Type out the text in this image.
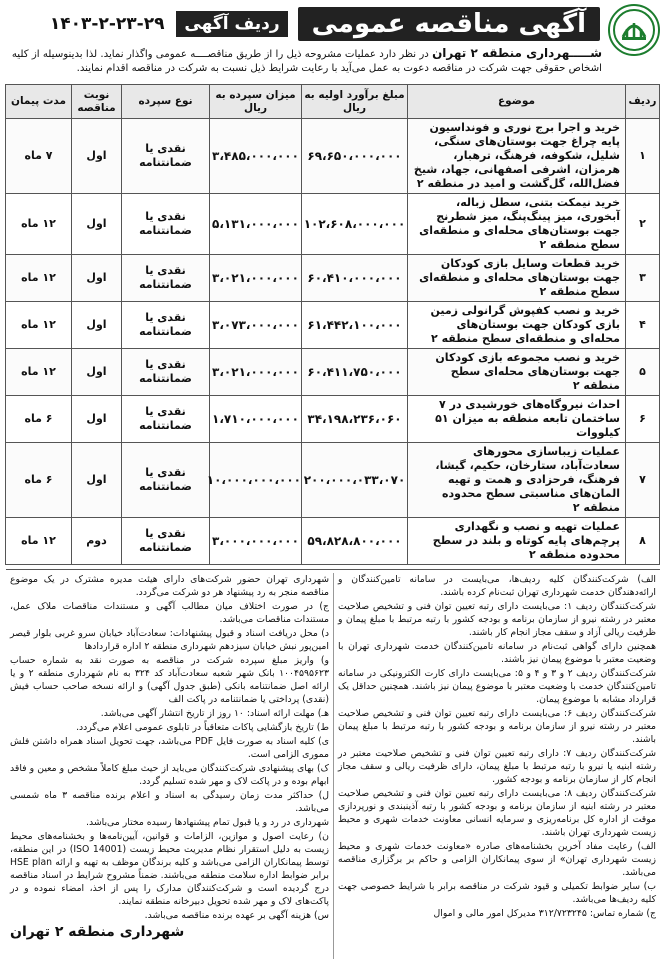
آگهی مناقصه عمومی
ردیف آگهی ۲۹-۲۳-۲-۱۴۰۳
شـــــهرداری منطقه ۲ تهران در نظر دارد عملیات مشروحه ذیل را از طریق مناقصــــه عمومی واگذار نماید. لذا بدینوسیله از کلیه اشخاص حقوقی جهت شرکت در مناقصه دعوت به عمل می‌آید با رعایت شرایط ذیل نسبت به شرکت در مناقصه اقدام نمایند.
ردیف	موضوع	مبلغ برآورد اولیه به ریال	میزان سپرده به ریال	نوع سپرده	نوبت مناقصه	مدت پیمان
۱	خرید و اجرا برج نوری و فونداسیون پایه چراغ جهت بوستان‌های سنگی، شلیل، شکوفه، فرهنگ، ترهبار، هرمزان، اشرفی اصفهانی، جهاد، شیخ فضل‌الله، گل‌گشت و امید در منطقه ۲	۶۹،۶۵۰،۰۰۰،۰۰۰	۳،۴۸۵،۰۰۰،۰۰۰	نقدی یا ضمانتنامه	اول	۷ ماه
۲	خرید نیمکت بتنی، سطل زباله، آبخوری، میز پینگ‌پنگ، میز شطرنج جهت بوستان‌های محله‌ای و منطقه‌ای سطح منطقه ۲	۱۰۲،۶۰۸،۰۰۰،۰۰۰	۵،۱۳۱،۰۰۰،۰۰۰	نقدی یا ضمانتنامه	اول	۱۲ ماه
۳	خرید قطعات وسایل بازی کودکان جهت بوستان‌های محله‌ای و منطقه‌ای سطح منطقه ۲	۶۰،۴۱۰،۰۰۰،۰۰۰	۳،۰۲۱،۰۰۰،۰۰۰	نقدی یا ضمانتنامه	اول	۱۲ ماه
۴	خرید و نصب کفپوش گرانولی زمین بازی کودکان جهت بوستان‌های محله‌ای و منطقه‌ای سطح منطقه ۲	۶۱،۴۴۲،۱۰۰،۰۰۰	۳،۰۷۳،۰۰۰،۰۰۰	نقدی یا ضمانتنامه	اول	۱۲ ماه
۵	خرید و نصب مجموعه بازی کودکان جهت بوستان‌های محله‌ای سطح منطقه ۲	۶۰،۴۱۱،۷۵۰،۰۰۰	۳،۰۲۱،۰۰۰،۰۰۰	نقدی یا ضمانتنامه	اول	۱۲ ماه
۶	احداث نیروگاه‌های خورشیدی در ۷ ساختمان تابعه منطقه به میزان ۵۱ کیلووات	۳۴،۱۹۸،۲۳۶،۰۶۰	۱،۷۱۰،۰۰۰،۰۰۰	نقدی یا ضمانتنامه	اول	۶ ماه
۷	عملیات زیباسازی محورهای سعادت‌آباد، ستارخان، حکیم، گیشا، فرهنگ، فرحزادی و همت و تهیه المان‌های مناسبتی سطح محدوده منطقه ۲	۲۰۰،۰۰۰،۰۳۳،۰۷۰	۱۰،۰۰۰،۰۰۰،۰۰۰	نقدی یا ضمانتنامه	اول	۶ ماه
۸	عملیات تهیه و نصب و نگهداری پرچم‌های پایه کوتاه و بلند در سطح محدوده منطقه ۲	۵۹،۸۲۸،۸۰۰،۰۰۰	۳،۰۰۰،۰۰۰،۰۰۰	نقدی یا ضمانتنامه	دوم	۱۲ ماه

الف) شرکت‌کنندگان کلیه ردیف‌ها، می‌بایست در سامانه تامین‌کنندگان و ارائه‌دهندگان خدمت شهرداری تهران ثبت‌نام کرده باشند.

شرکت‌کنندگان ردیف ۱: می‌بایست دارای رتبه تعیین توان فنی و تشخیص صلاحیت معتبر در رشته نیرو از سازمان برنامه و بودجه کشور با رتبه مرتبط با مبلغ پیمان و ظرفیت ریالی آزاد و سقف مجاز انجام کار باشند.

همچنین دارای گواهی ثبت‌نام در سامانه تامین‌کنندگان خدمت شهرداری تهران با وضعیت معتبر با موضوع پیمان نیز باشند.

شرکت‌کنندگان ردیف ۲ و ۳ و ۴ و ۵: می‌بایست دارای کارت الکترونیکی در سامانه تامین‌کنندگان خدمت با وضعیت معتبر با موضوع پیمان نیز باشند. همچنین حداقل یک قرارداد مشابه با موضوع پیمان.

شرکت‌کنندگان ردیف ۶: می‌بایست دارای رتبه تعیین توان فنی و تشخیص صلاحیت معتبر در رشته نیرو از سازمان برنامه و بودجه کشور با رتبه مرتبط با مبلغ پیمان باشند.

شرکت‌کنندگان ردیف ۷: دارای رتبه تعیین توان فنی و تشخیص صلاحیت معتبر در رشته ابنیه یا نیرو با رتبه مرتبط با مبلغ پیمان، دارای ظرفیت ریالی و سقف مجاز انجام کار از سازمان برنامه و بودجه کشور.

شرکت‌کنندگان ردیف ۸: می‌بایست دارای رتبه تعیین توان فنی و تشخیص صلاحیت معتبر در رشته ابنیه از سازمان برنامه و بودجه کشور با رتبه آذینبندی و نورپردازی موقت از اداره کل برنامه‌ریزی و سرمایه انسانی معاونت خدمات شهری و محیط زیست شهرداری تهران باشند.

الف) رعایت مفاد آخرین بخشنامه‌های صادره «معاونت خدمات شهری و محیط زیست شهرداری تهران» از سوی پیمانکاران الزامی و حاکم بر برگزاری مناقصه می‌باشد.

ب) سایر ضوابط تکمیلی و قیود شرکت در مناقصه برابر با شرایط خصوصی جهت کلیه ردیف‌ها می‌باشد.

ج) شماره تماس: ۳۱۲/۷۲۳۲۴۵ مدیرکل امور مالی و اموال

شهرداری تهران حضور شرکت‌های دارای هیئت مدیره مشترک در یک موضوع مناقصه منجر به رد پیشنهاد هر دو شرکت می‌گردد.

ج) در صورت اختلاف میان مطالب آگهی و مستندات مناقصات ملاک عمل، مستندات مناقصات می‌باشد.

د) محل دریافت اسناد و قبول پیشنهادات: سعادت‌آباد خیابان سرو غربی بلوار قیصر امین‌پور نبش خیابان سیزدهم شهرداری منطقه ۲ اداره قراردادها

و) واریز مبلغ سپرده شرکت در مناقصه به صورت نقد به شماره حساب ۱۰۰۴۵۹۵۶۲۳ بانک شهر شعبه سعادت‌آباد کد ۳۲۴ به نام شهرداری منطقه ۲ و یا ارائه اصل ضمانتنامه بانکی (طبق جدول آگهی) و ارائه نسخه صاحب حساب فیش (نقدی) پرداختی یا ضمانتنامه در پاکت الف

هـ) مهلت ارائه اسناد: ۱۰ روز از تاریخ انتشار آگهی می‌باشد.

ط) تاریخ بازگشایی پاکات متعاقباً در تابلوی عمومی اعلام می‌گردد.

ی) کلیه اسناد به صورت فایل PDF می‌باشد، جهت تحویل اسناد همراه داشتن فلش مموری الزامی است.

ک) بهای پیشنهادی شرکت‌کنندگان می‌باید از حیث مبلغ کاملاً مشخص و معین و فاقد ابهام بوده و در پاکت لاک و مهر شده تسلیم گردد.

ل) حداکثر مدت زمان رسیدگی به اسناد و اعلام برنده مناقصه ۳ ماه شمسی می‌باشد.

شهرداری در رد و یا قبول تمام پیشنهادها رسیده مختار می‌باشد.

ن) رعایت اصول و موازین، الزامات و قوانین، آیین‌نامه‌ها و بخشنامه‌های محیط زیست به دلیل استقرار نظام مدیریت محیط زیست (ISO 14001) در این منطقه، توسط پیمانکاران الزامی می‌باشد و کلیه برندگان موظف به تهیه و ارائه HSE plan برابر ضوابط اداره سلامت منطقه می‌باشند. ضمناً مشروح شرایط در اسناد مناقصه درج گردیده است و شرکت‌کنندگان مدارک را پس از اخذ، امضاء نموده و در پاکت‌های لاک و مهر شده تحویل دبیرخانه منطقه نمایند.

س) هزینه آگهی بر عهده برنده مناقصه می‌باشد.

شهرداری منطقه ۲ تهران
